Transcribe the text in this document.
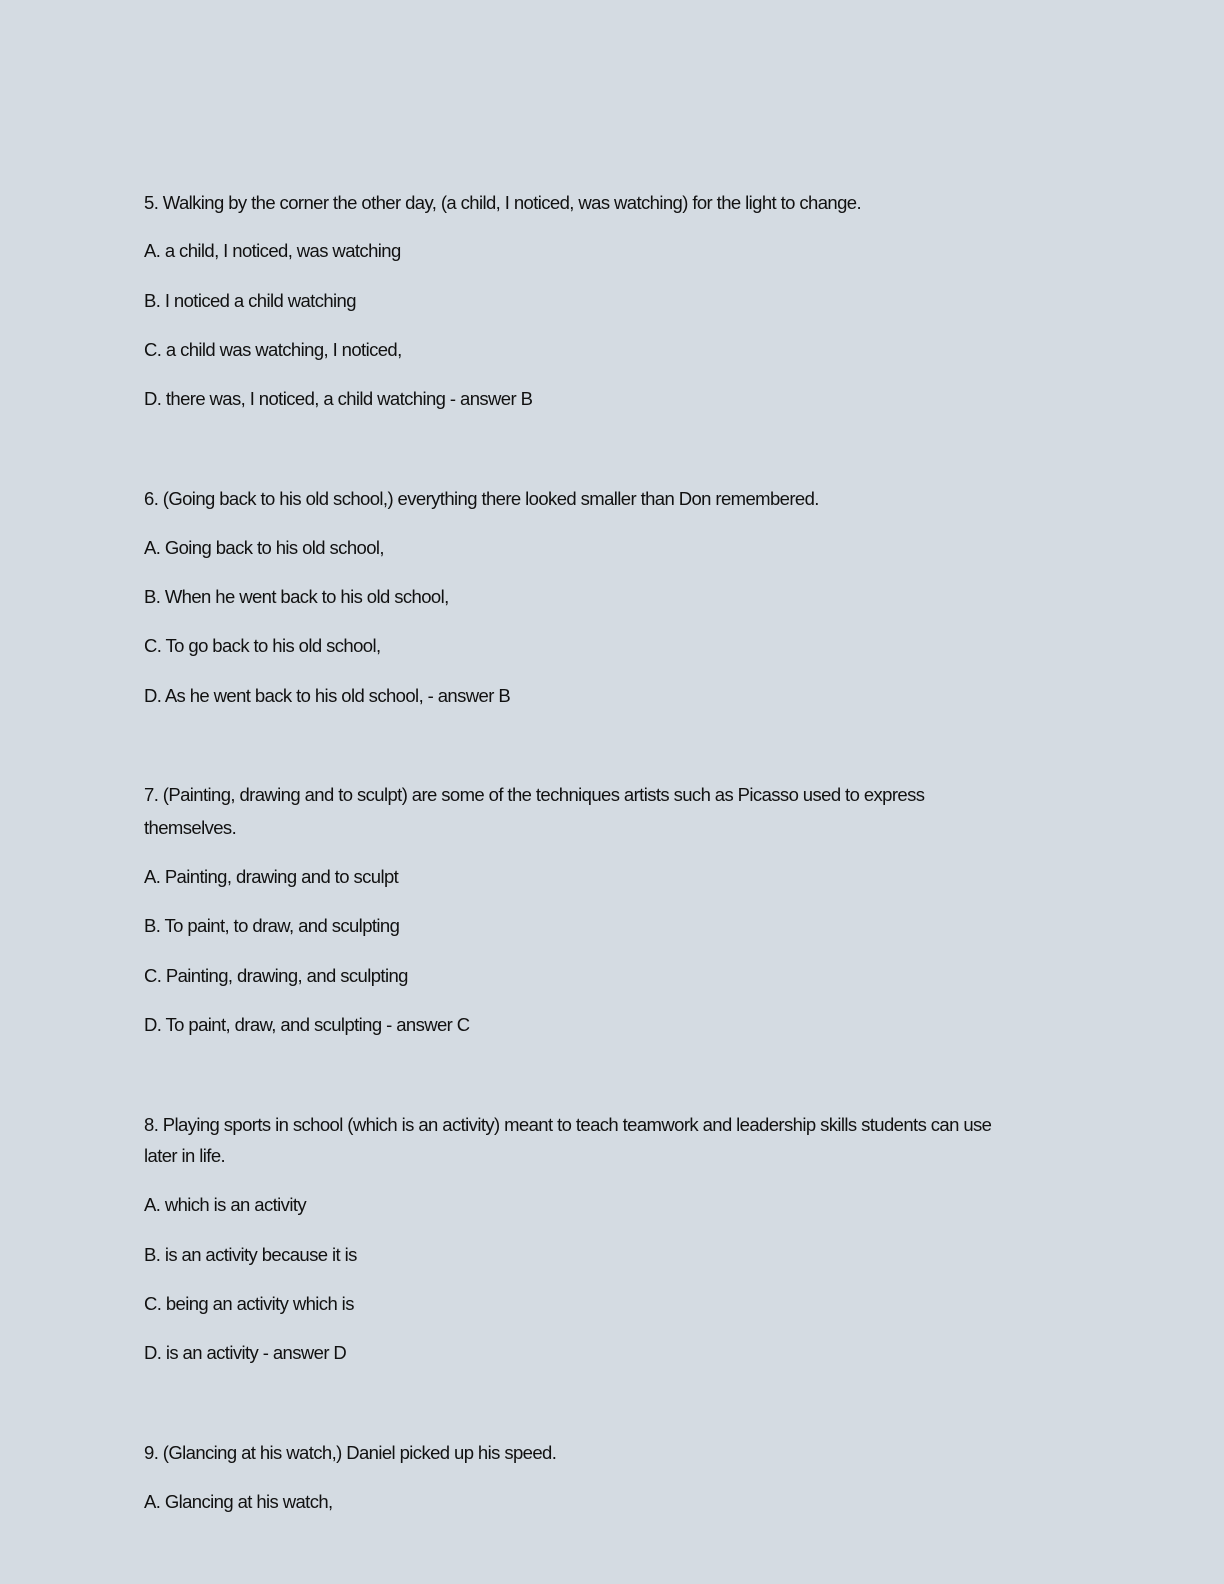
5. Walking by the corner the other day, (a child, I noticed, was watching) for the light to change.
A. a child, I noticed, was watching
B. I noticed a child watching
C. a child was watching, I noticed,
D. there was, I noticed, a child watching - answer B
6. (Going back to his old school,) everything there looked smaller than Don remembered.
A. Going back to his old school,
B. When he went back to his old school,
C. To go back to his old school,
D. As he went back to his old school, - answer B
7. (Painting, drawing and to sculpt) are some of the techniques artists such as Picasso used to express
themselves.
A. Painting, drawing and to sculpt
B. To paint, to draw, and sculpting
C. Painting, drawing, and sculpting
D. To paint, draw, and sculpting - answer C
8. Playing sports in school (which is an activity) meant to teach teamwork and leadership skills students can use
later in life.
A. which is an activity
B. is an activity because it is
C. being an activity which is
D. is an activity - answer D
9. (Glancing at his watch,) Daniel picked up his speed.
A. Glancing at his watch,
